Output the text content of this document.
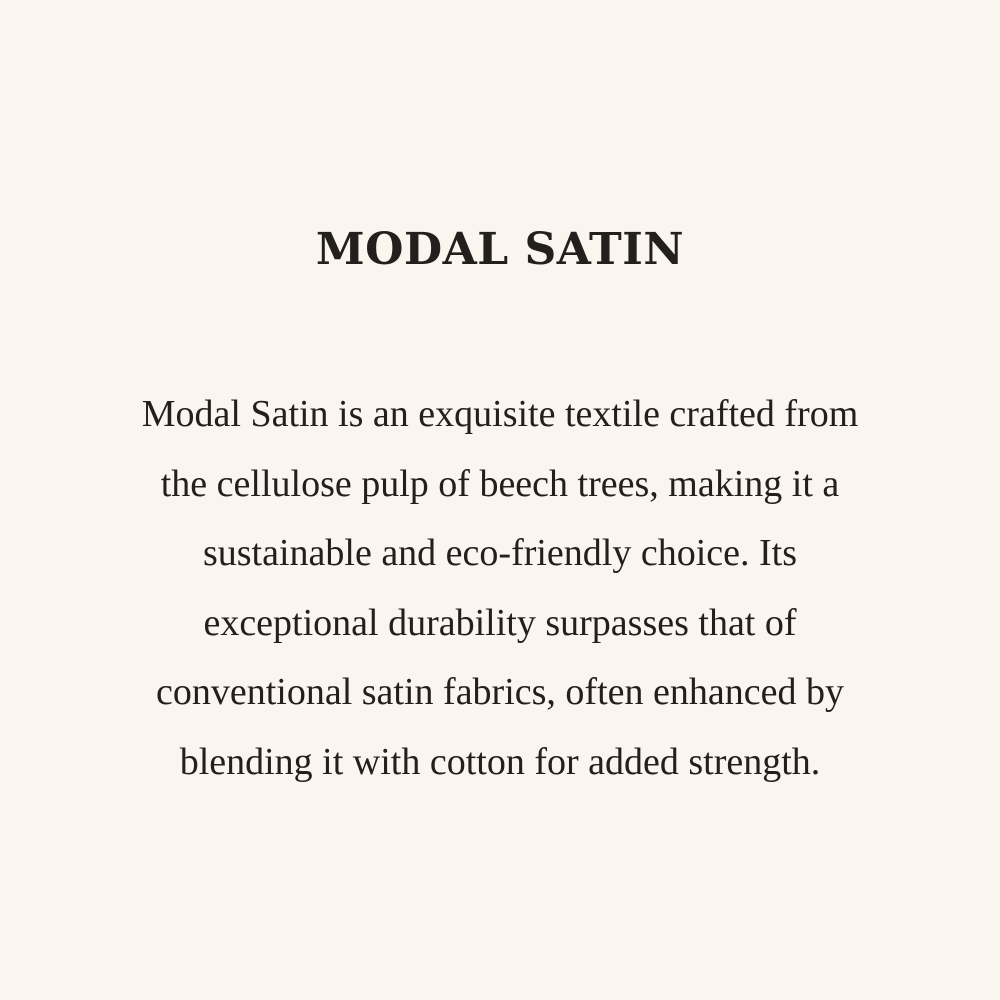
MODAL SATIN

Modal Satin is an exquisite textile crafted from
the cellulose pulp of beech trees, making it a
sustainable and eco-friendly choice. Its
exceptional durability surpasses that of
conventional satin fabrics, often enhanced by
blending it with cotton for added strength.
